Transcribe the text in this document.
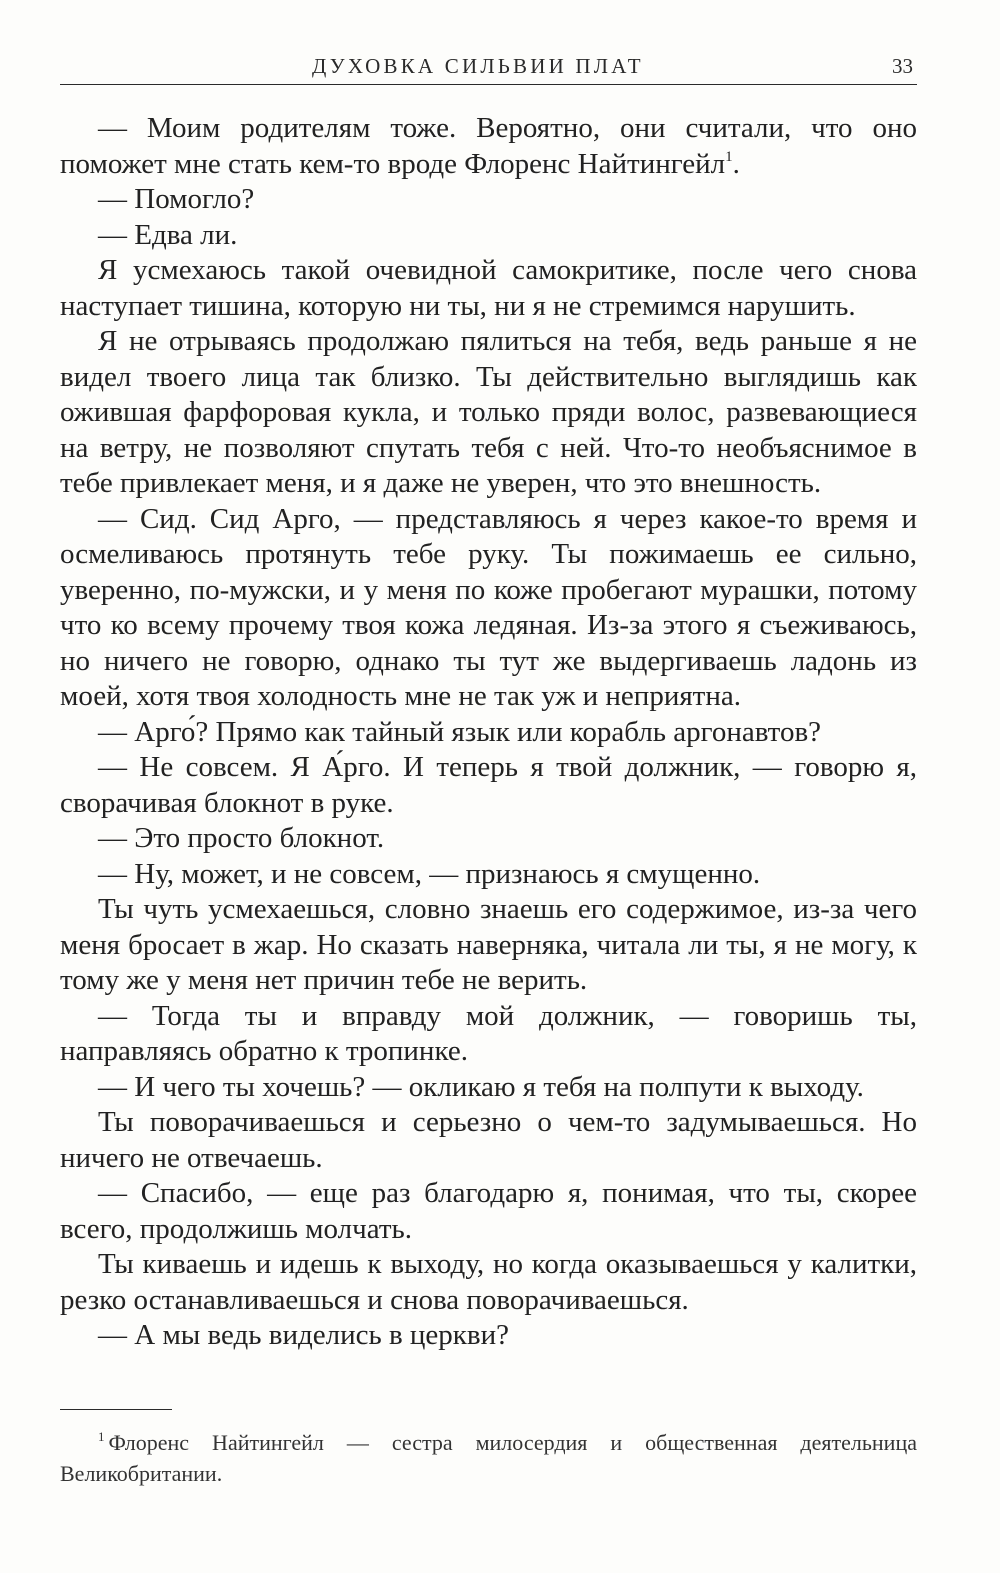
ДУХОВКА СИЛЬВИИ ПЛАТ	33

— Моим родителям тоже. Вероятно, они считали, что оно поможет мне стать кем-то вроде Флоренс Найтингейл$^1$.

— Помогло?

— Едва ли.

Я усмехаюсь такой очевидной самокритике, после чего снова наступает тишина, которую ни ты, ни я не стремимся нарушить.

Я не отрываясь продолжаю пялиться на тебя, ведь раньше я не видел твоего лица так близко. Ты действительно выглядишь как ожившая фарфоровая кукла, и только пряди волос, развевающиеся на ветру, не позволяют спутать тебя с ней. Что-то необъяснимое в тебе привлекает меня, и я даже не уверен, что это внешность.

— Сид. Сид Арго, — представляюсь я через какое-то время и осмеливаюсь протянуть тебе руку. Ты пожимаешь ее сильно, уверенно, по-мужски, и у меня по коже пробегают мурашки, потому что ко всему прочему твоя кожа ледяная. Из-за этого я съеживаюсь, но ничего не говорю, однако ты тут же выдергиваешь ладонь из моей, хотя твоя холодность мне не так уж и неприятна.

— Арго́? Прямо как тайный язык или корабль аргонавтов?

— Не совсем. Я А́рго. И теперь я твой должник, — говорю я, сворачивая блокнот в руке.

— Это просто блокнот.

— Ну, может, и не совсем, — признаюсь я смущенно.

Ты чуть усмехаешься, словно знаешь его содержимое, из-за чего меня бросает в жар. Но сказать наверняка, читала ли ты, я не могу, к тому же у меня нет причин тебе не верить.

— Тогда ты и вправду мой должник, — говоришь ты, направляясь обратно к тропинке.

— И чего ты хочешь? — окликаю я тебя на полпути к выходу.

Ты поворачиваешься и серьезно о чем-то задумываешься. Но ничего не отвечаешь.

— Спасибо, — еще раз благодарю я, понимая, что ты, скорее всего, продолжишь молчать.

Ты киваешь и идешь к выходу, но когда оказываешься у калитки, резко останавливаешься и снова поворачиваешься.

— А мы ведь виделись в церкви?

$^1$ Флоренс Найтингейл — сестра милосердия и общественная деятельница Великобритании.
